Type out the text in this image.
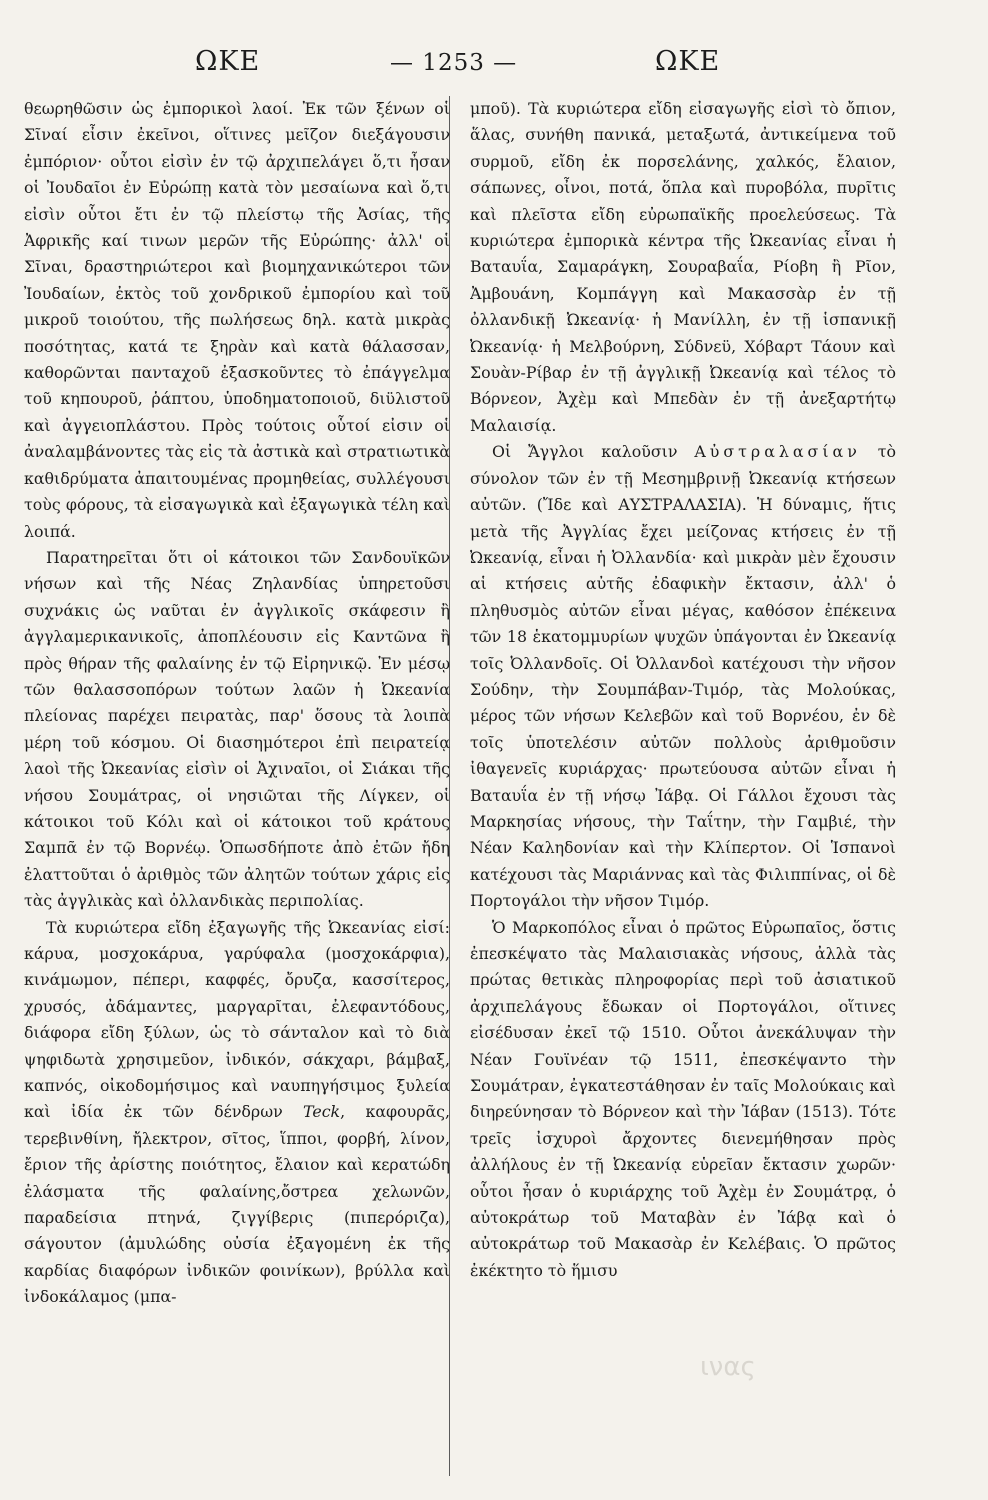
ΩΚΕ	— 1253 —	ΩΚΕ

θεωρηθῶσιν ὡς ἐμπορικοὶ λαοί. Ἐκ τῶν ξένων οἱ Σῖναί εἶσιν ἐκεῖνοι, οἵτινες μεῖζον διεξάγουσιν ἐμπόριον· οὗτοι εἰσὶν ἐν τῷ ἀρχιπελάγει ὅ,τι ἦσαν οἱ Ἰουδαῖοι ἐν Εὐρώπῃ κατὰ τὸν μεσαίωνα καὶ ὅ,τι εἰσὶν οὗτοι ἔτι ἐν τῷ πλείστῳ τῆς Ἀσίας, τῆς Ἀφρικῆς καί τινων μερῶν τῆς Εὐρώπης· ἀλλ' οἱ Σῖναι, δραστηριώτεροι καὶ βιομηχανικώτεροι τῶν Ἰουδαίων, ἐκτὸς τοῦ χονδρικοῦ ἐμπορίου καὶ τοῦ μικροῦ τοιούτου, τῆς πωλήσεως δηλ. κατὰ μικρὰς ποσότητας, κατά τε ξηρὰν καὶ κατὰ θάλασσαν, καθορῶνται πανταχοῦ ἐξασκοῦντες τὸ ἐπάγγελμα τοῦ κηπουροῦ, ῥάπτου, ὑποδηματοποιοῦ, διϋλιστοῦ καὶ ἀγγειοπλάστου. Πρὸς τούτοις οὗτοί εἰσιν οἱ ἀναλαμβάνοντες τὰς εἰς τὰ ἀστικὰ καὶ στρατιωτικὰ καθιδρύματα ἀπαιτουμένας προμηθείας, συλλέγουσι τοὺς φόρους, τὰ εἰσαγωγικὰ καὶ ἐξαγωγικὰ τέλη καὶ λοιπά.

Παρατηρεῖται ὅτι οἱ κάτοικοι τῶν Σανδουϊκῶν νήσων καὶ τῆς Νέας Ζηλανδίας ὑπηρετοῦσι συχνάκις ὡς ναῦται ἐν ἀγγλικοῖς σκάφεσιν ἢ ἀγγλαμερικανικοῖς, ἀποπλέουσιν εἰς Καντῶνα ἢ πρὸς θήραν τῆς φαλαίνης ἐν τῷ Εἰρηνικῷ. Ἐν μέσῳ τῶν θαλασσοπόρων τούτων λαῶν ἡ Ὠκεανία πλείονας παρέχει πειρατὰς, παρ' ὅσους τὰ λοιπὰ μέρη τοῦ κόσμου. Οἱ διασημότεροι ἐπὶ πειρατείᾳ λαοὶ τῆς Ὠκεανίας εἰσὶν οἱ Ἀχιναῖοι, οἱ Σιάκαι τῆς νήσου Σουμάτρας, οἱ νησιῶται τῆς Λίγκεν, οἱ κάτοικοι τοῦ Κόλι καὶ οἱ κάτοικοι τοῦ κράτους Σαμπᾶ ἐν τῷ Βορνέῳ. Ὁπωσδήποτε ἀπὸ ἐτῶν ἤδη ἐλαττοῦται ὁ ἀριθμὸς τῶν ἀλητῶν τούτων χάρις εἰς τὰς ἀγγλικὰς καὶ ὀλλανδικὰς περιπολίας.

Τὰ κυριώτερα εἴδη ἐξαγωγῆς τῆς Ὠκεανίας εἰσί: κάρυα, μοσχοκάρυα, γαρύφαλα (μοσχοκάρφια), κινάμωμον, πέπερι, καφφές, ὄρυζα, κασσίτερος, χρυσός, ἀδάμαντες, μαργαρῖται, ἐλεφαντόδους, διάφορα εἴδη ξύλων, ὡς τὸ σάνταλον καὶ τὸ διὰ ψηφιδωτὰ χρησιμεῦον, ἰνδικόν, σάκχαρι, βάμβαξ, καπνός, οἰκοδομήσιμος καὶ ναυπηγήσιμος ξυλεία καὶ ἰδία ἐκ τῶν δένδρων Teck, καφουρᾶς, τερεβινθίνη, ἤλεκτρον, σῖτος, ἵπποι, φορβή, λίνον, ἔριον τῆς ἀρίστης ποιότητος, ἔλαιον καὶ κερατώδη ἐλάσματα τῆς φαλαίνης,ὄστρεα χελωνῶν, παραδείσια πτηνά, ζιγγίβερις (πιπερόριζα), σάγουτον (ἀμυλώδης οὐσία ἐξαγομένη ἐκ τῆς καρδίας διαφόρων ἰνδικῶν φοινίκων), βρύλλα καὶ ἰνδοκάλαμος (μπα-

μποῦ). Τὰ κυριώτερα εἴδη εἰσαγωγῆς εἰσὶ τὸ ὄπιον, ἅλας, συνήθη πανικά, μεταξωτά, ἀντικείμενα τοῦ συρμοῦ, εἴδη ἐκ πορσελάνης, χαλκός, ἔλαιον, σάπωνες, οἶνοι, ποτά, ὅπλα καὶ πυροβόλα, πυρῖτις καὶ πλεῖστα εἴδη εὐρωπαϊκῆς προελεύσεως. Τὰ κυριώτερα ἐμπορικὰ κέντρα τῆς Ὠκεανίας εἶναι ἡ Βαταυΐα, Σαμαράγκη, Σουραβαΐα, Ρίοβη ἢ Ρῖον, Ἀμβουάνη, Κομπάγγη καὶ Μακασσὰρ ἐν τῇ ὀλλανδικῇ Ὠκεανίᾳ· ἡ Μανίλλη, ἐν τῇ ἱσπανικῇ Ὠκεανίᾳ· ἡ Μελβούρνη, Σύδνεϋ, Χόβαρτ Τάουν καὶ Σουὰν-Ρίβαρ ἐν τῇ ἀγγλικῇ Ὠκεανίᾳ καὶ τέλος τὸ Βόρνεον, Ἀχὲμ καὶ Μπεδὰν ἐν τῇ ἀνεξαρτήτῳ Μαλαισίᾳ.

Οἱ Ἄγγλοι καλοῦσιν Αὐστραλασίαν τὸ σύνολον τῶν ἐν τῇ Μεσημβρινῇ Ὠκεανίᾳ κτήσεων αὐτῶν. (Ἴδε καὶ ΑΥΣΤΡΑΛΑΣΙΑ). Ἡ δύναμις, ἥτις μετὰ τῆς Ἀγγλίας ἔχει μείζονας κτήσεις ἐν τῇ Ὠκεανίᾳ, εἶναι ἡ Ὀλλανδία· καὶ μικρὰν μὲν ἔχουσιν αἱ κτήσεις αὐτῆς ἐδαφικὴν ἔκτασιν, ἀλλ' ὁ πληθυσμὸς αὐτῶν εἶναι μέγας, καθόσον ἐπέκεινα τῶν 18 ἑκατομμυρίων ψυχῶν ὑπάγονται ἐν Ὠκεανίᾳ τοῖς Ὀλλανδοῖς. Οἱ Ὀλλανδοὶ κατέχουσι τὴν νῆσον Σούδην, τὴν Σουμπάβαν-Τιμόρ, τὰς Μολούκας, μέρος τῶν νήσων Κελεβῶν καὶ τοῦ Βορνέου, ἐν δὲ τοῖς ὑποτελέσιν αὐτῶν πολλοὺς ἀριθμοῦσιν ἰθαγενεῖς κυριάρχας· πρωτεύουσα αὐτῶν εἶναι ἡ Βαταυΐα ἐν τῇ νήσῳ Ἰάβᾳ. Οἱ Γάλλοι ἔχουσι τὰς Μαρκησίας νήσους, τὴν Ταΐτην, τὴν Γαμβιέ, τὴν Νέαν Καληδονίαν καὶ τὴν Κλίπερτον. Οἱ Ἱσπανοὶ κατέχουσι τὰς Μαριάννας καὶ τὰς Φιλιππίνας, οἱ δὲ Πορτογάλοι τὴν νῆσον Τιμόρ.

Ὁ Μαρκοπόλος εἶναι ὁ πρῶτος Εὐρωπαῖος, ὅστις ἐπεσκέψατο τὰς Μαλαισιακὰς νήσους, ἀλλὰ τὰς πρώτας θετικὰς πληροφορίας περὶ τοῦ ἀσιατικοῦ ἀρχιπελάγους ἔδωκαν οἱ Πορτογάλοι, οἵτινες εἰσέδυσαν ἐκεῖ τῷ 1510. Οὗτοι ἀνεκάλυψαν τὴν Νέαν Γουϊνέαν τῷ 1511, ἐπεσκέψαντο τὴν Σουμάτραν, ἐγκατεστάθησαν ἐν ταῖς Μολούκαις καὶ διηρεύνησαν τὸ Βόρνεον καὶ τὴν Ἰάβαν (1513). Τότε τρεῖς ἰσχυροὶ ἄρχοντες διενεμήθησαν πρὸς ἀλλήλους ἐν τῇ Ὠκεανίᾳ εὑρεῖαν ἔκτασιν χωρῶν· οὗτοι ἦσαν ὁ κυριάρχης τοῦ Ἀχὲμ ἐν Σουμάτρᾳ, ὁ αὐτοκράτωρ τοῦ Ματαβὰν ἐν Ἰάβᾳ καὶ ὁ αὐτοκράτωρ τοῦ Μακασὰρ ἐν Κελέβαις. Ὁ πρῶτος ἐκέκτητο τὸ ἥμισυ

ινας
